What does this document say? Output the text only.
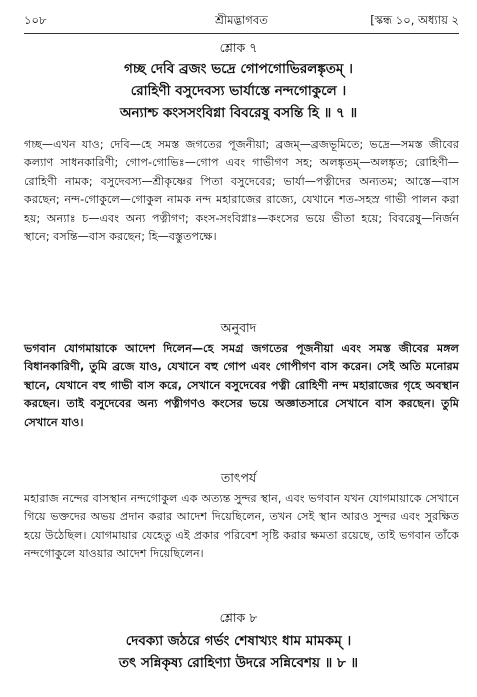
১০৮	শ্রীমদ্ভাগবত	[স্কন্ধ ১০, অধ্যায় ২
শ্লোক ৭
গচ্ছ দেবি ব্রজং ভদ্রে গোপগোভিরলঙ্কৃতম্ ।
রোহিণী বসুদেবস্য ভার্যাস্তে নন্দগোকুলে ।
অন্যাশ্চ কংসসংবিগ্না বিবরেষু বসন্তি হি ॥ ৭ ॥

গচ্ছ—এখন যাও; দেবি—হে সমস্ত জগতের পূজনীয়া; ব্রজম্—ব্রজভূমিতে; ভদ্রে—সমস্ত জীবের কল্যাণ সাধনকারিণী; গোপ-গোভিঃ—গোপ এবং গাভীগণ সহ; অলঙ্কৃতম্—অলঙ্কৃত; রোহিণী—রোহিণী নামক; বসুদেবস্য—শ্রীকৃষ্ণের পিতা বসুদেবের; ভার্যা—পত্নীদের অন্যতম; আস্তে—বাস করছেন; নন্দ-গোকুলে—গোকুল নামক নন্দ মহারাজের রাজ্যে, যেখানে শত-সহস্র গাভী পালন করা হয়; অন্যাঃ চ—এবং অন্য পত্নীগণ; কংস-সংবিগ্নাঃ—কংসের ভয়ে ভীতা হয়ে; বিবরেষু—নির্জন স্থানে; বসন্তি—বাস করছেন; হি—বস্তুতপক্ষে।

অনুবাদ

ভগবান যোগমায়াকে আদেশ দিলেন—হে সমগ্র জগতের পূজনীয়া এবং সমস্ত জীবের মঙ্গল বিধানকারিণী, তুমি ব্রজে যাও, যেখানে বহু গোপ এবং গোপীগণ বাস করেন। সেই অতি মনোরম স্থানে, যেখানে বহু গাভী বাস করে, সেখানে বসুদেবের পত্নী রোহিণী নন্দ মহারাজের গৃহে অবস্থান করছেন। তাই বসুদেবের অন্য পত্নীগণও কংসের ভয়ে অজ্ঞাতসারে সেখানে বাস করছেন। তুমি সেখানে যাও।

তাৎপর্য

মহারাজ নন্দের বাসস্থান নন্দগোকুল এক অত্যন্ত সুন্দর স্থান, এবং ভগবান যখন যোগমায়াকে সেখানে গিয়ে ভক্তদের অভয় প্রদান করার আদেশ দিয়েছিলেন, তখন সেই স্থান আরও সুন্দর এবং সুরক্ষিত হয়ে উঠেছিল। যোগমায়ার যেহেতু এই প্রকার পরিবেশ সৃষ্টি করার ক্ষমতা রয়েছে, তাই ভগবান তাঁকে নন্দগোকুলে যাওয়ার আদেশ দিয়েছিলেন।

শ্লোক ৮
দেবক্যা জঠরে গর্ভং শেষাখ্যং ধাম মামকম্ ।
তৎ সন্নিকৃষ্য রোহিণ্যা উদরে সন্নিবেশয় ॥ ৮ ॥
